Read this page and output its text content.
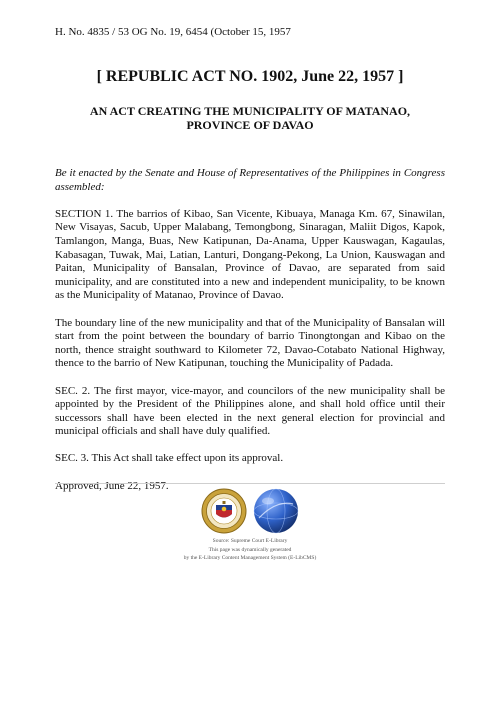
H. No. 4835 / 53 OG No. 19, 6454 (October 15, 1957
[ REPUBLIC ACT NO. 1902, June 22, 1957 ]
AN ACT CREATING THE MUNICIPALITY OF MATANAO,
PROVINCE OF DAVAO

Be it enacted by the Senate and House of Representatives of the Philippines in Congress assembled:

SECTION 1. The barrios of Kibao, San Vicente, Kibuaya, Managa Km. 67, Sinawilan, New Visayas, Sacub, Upper Malabang, Temongbong, Sinaragan, Maliit Digos, Kapok, Tamlangon, Manga, Buas, New Katipunan, Da-Anama, Upper Kauswagan, Kagaulas, Kabasagan, Tuwak, Mai, Latian, Lanturi, Dongang-Pekong, La Union, Kauswagan and Paitan, Municipality of Bansalan, Province of Davao, are separated from said municipality, and are constituted into a new and independent municipality, to be known as the Municipality of Matanao, Province of Davao.

The boundary line of the new municipality and that of the Municipality of Bansalan will start from the point between the boundary of barrio Tinongtongan and Kibao on the north, thence straight southward to Kilometer 72, Davao-Cotabato National Highway, thence to the barrio of New Katipunan, touching the Municipality of Padada.

SEC. 2. The first mayor, vice-mayor, and councilors of the new municipality shall be appointed by the President of the Philippines alone, and shall hold office until their successors shall have been elected in the next general election for provincial and municipal officials and shall have duly qualified.

SEC. 3. This Act shall take effect upon its approval.

Approved, June 22, 1957.

Source: Supreme Court E-Library
This page was dynamically generated
by the E-Library Content Management System (E-LibCMS)
